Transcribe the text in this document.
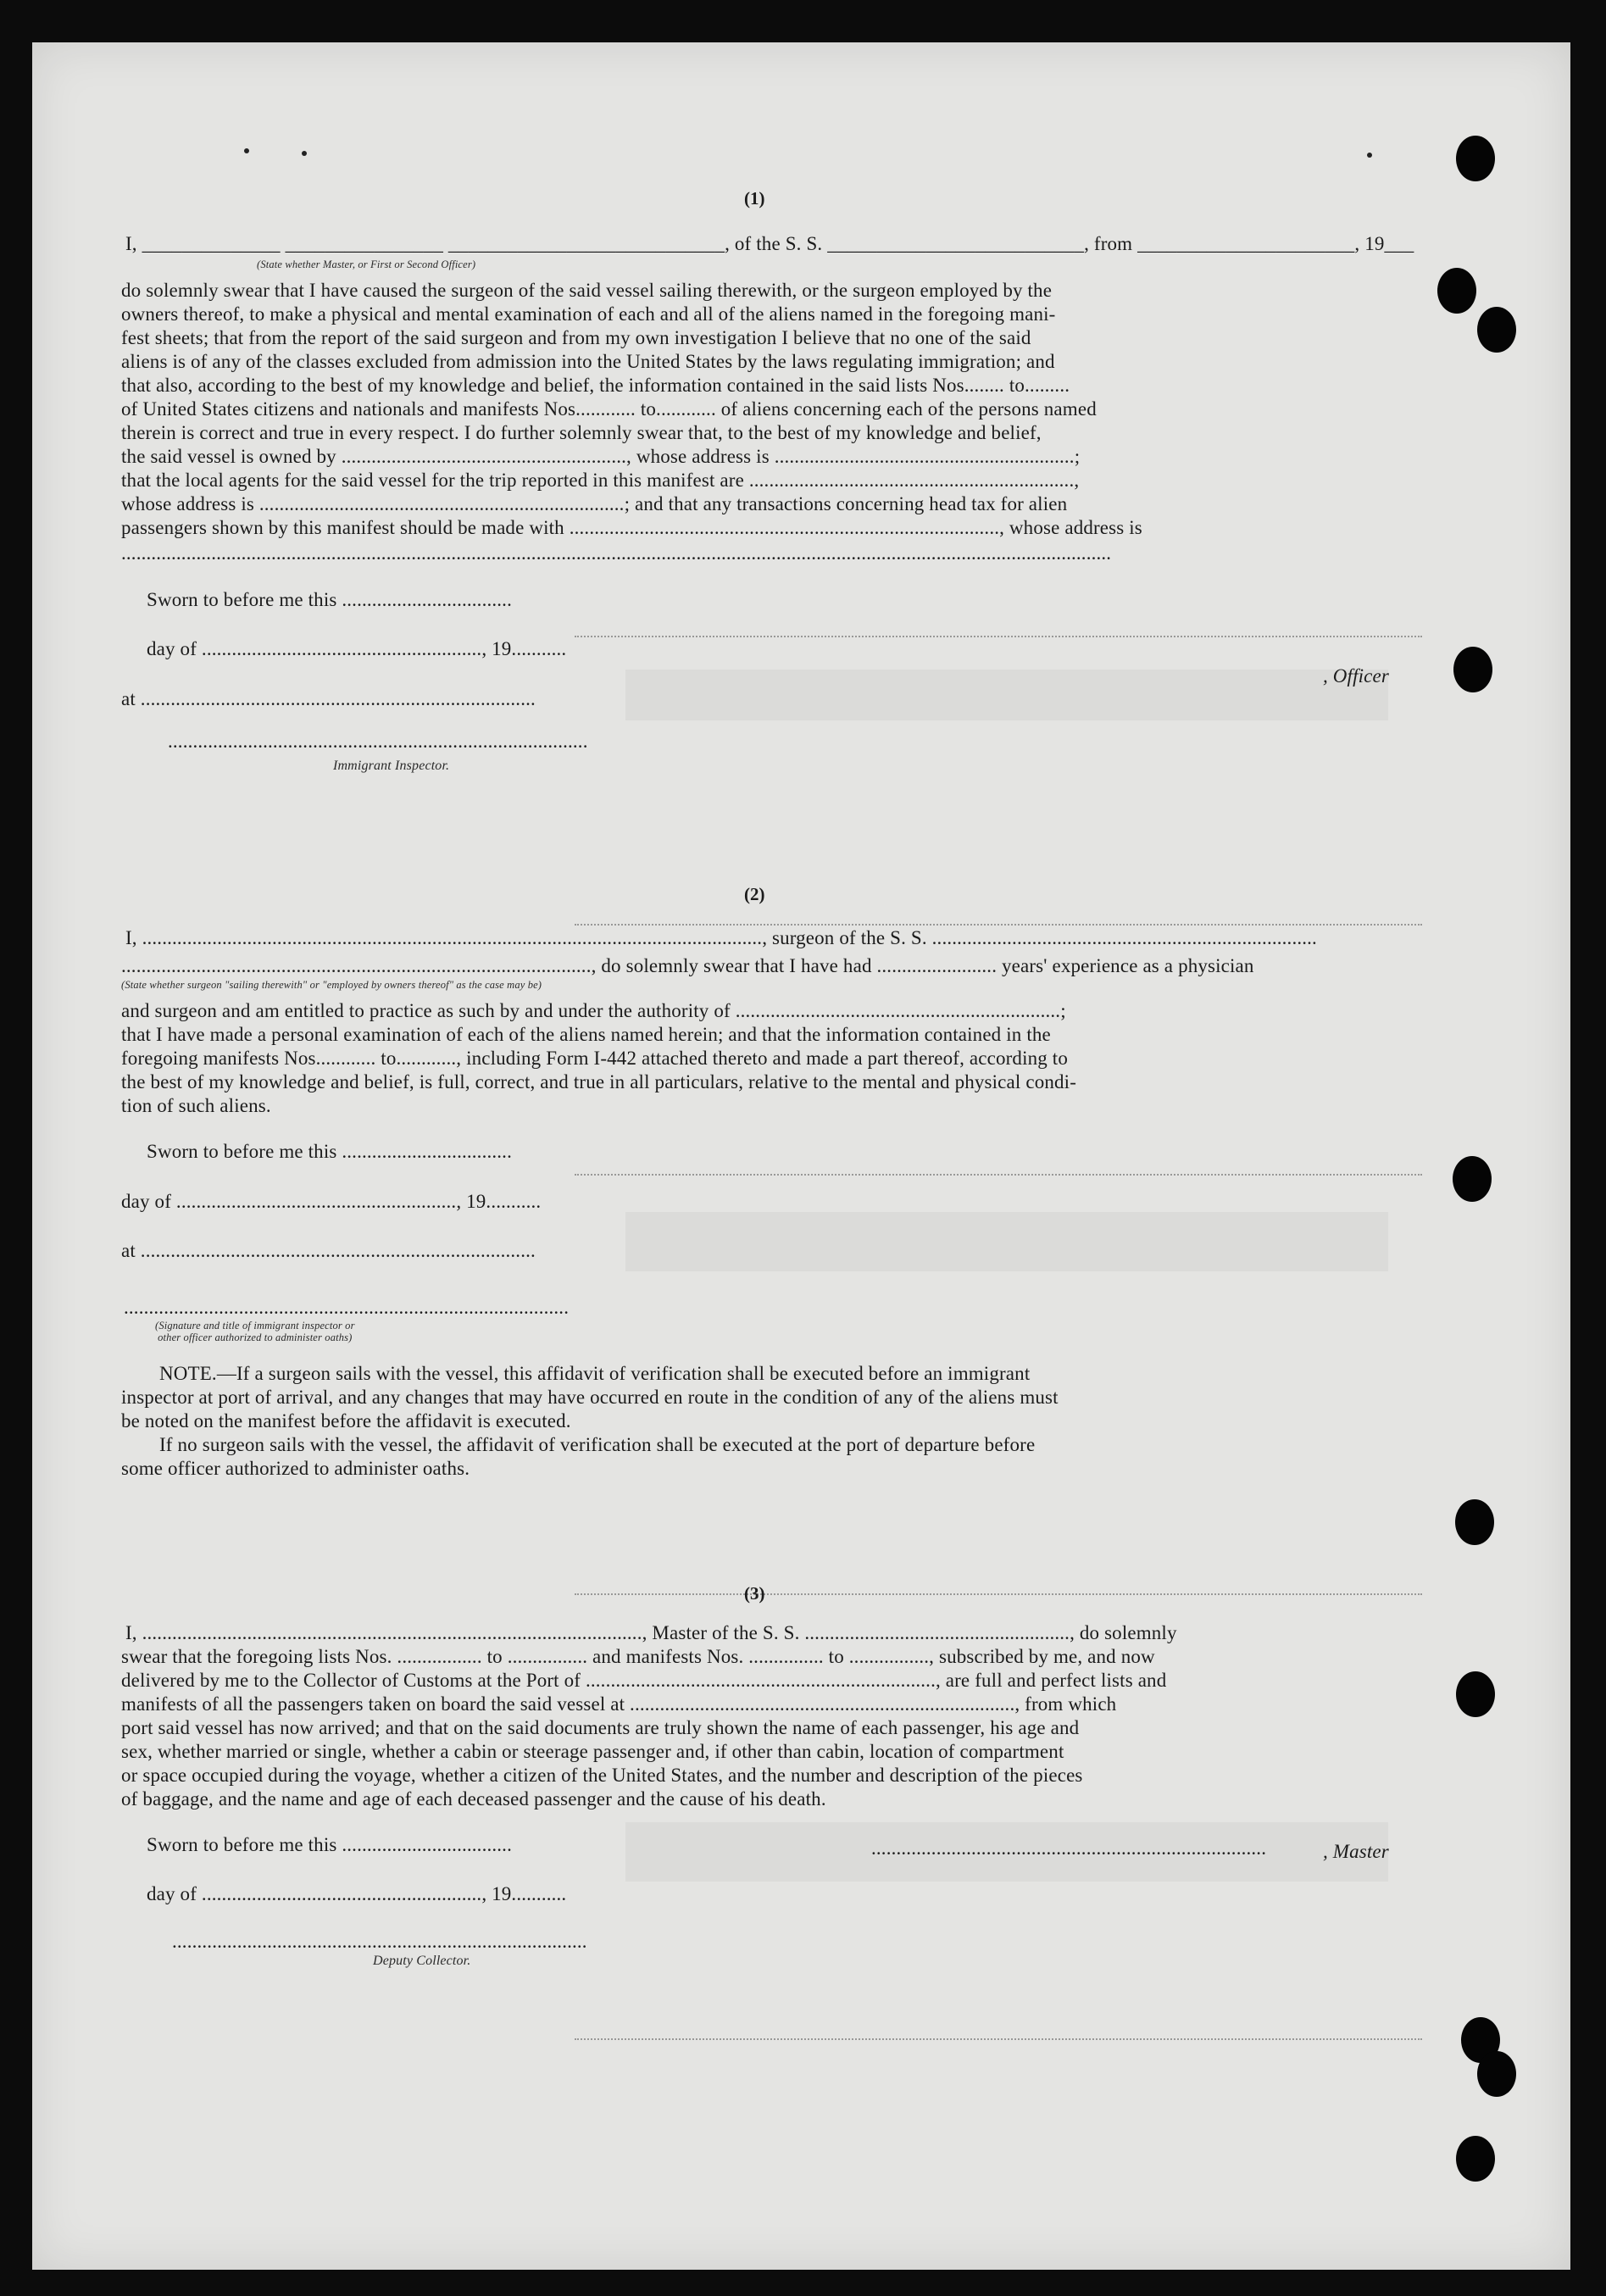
(1)
I, ______________ ________________ ____________________________, of the S. S. __________________________, from ______________________, 19___
(State whether Master, or First or Second Officer)
do solemnly swear that I have caused the surgeon of the said vessel sailing therewith, or the surgeon employed by the
owners thereof, to make a physical and mental examination of each and all of the aliens named in the foregoing mani-
fest sheets; that from the report of the said surgeon and from my own investigation I believe that no one of the said
aliens is of any of the classes excluded from admission into the United States by the laws regulating immigration; and
that also, according to the best of my knowledge and belief, the information contained in the said lists Nos........ to.........
of United States citizens and nationals and manifests Nos............ to............ of aliens concerning each of the persons named
therein is correct and true in every respect. I do further solemnly swear that, to the best of my knowledge and belief,
the said vessel is owned by ........................................................., whose address is ............................................................;
that the local agents for the said vessel for the trip reported in this manifest are .................................................................,
whose address is .........................................................................; and that any transactions concerning head tax for alien
passengers shown by this manifest should be made with ......................................................................................, whose address is
......................................................................................................................................................................................................
Sworn to before me this ..................................
day of ........................................................, 19...........
at ...............................................................................
, Officer
....................................................................................
Immigrant Inspector.
(2)
I, ............................................................................................................................, surgeon of the S. S. .............................................................................
.............................................................................................., do solemnly swear that I have had ........................ years' experience as a physician
(State whether surgeon "sailing therewith" or "employed by owners thereof" as the case may be)
and surgeon and am entitled to practice as such by and under the authority of .................................................................;
that I have made a personal examination of each of the aliens named herein; and that the information contained in the
foregoing manifests Nos............ to............, including Form I-442 attached thereto and made a part thereof, according to
the best of my knowledge and belief, is full, correct, and true in all particulars, relative to the mental and physical condi-
tion of such aliens.
Sworn to before me this ..................................
day of ........................................................, 19...........
at ...............................................................................
.........................................................................................
(Signature and title of immigrant inspector or
other officer authorized to administer oaths)
NOTE.—If a surgeon sails with the vessel, this affidavit of verification shall be executed before an immigrant
inspector at port of arrival, and any changes that may have occurred en route in the condition of any of the aliens must
be noted on the manifest before the affidavit is executed.
If no surgeon sails with the vessel, the affidavit of verification shall be executed at the port of departure before
some officer authorized to administer oaths.
(3)
I, ...................................................................................................., Master of the S. S. ....................................................., do solemnly
swear that the foregoing lists Nos. ................. to ................ and manifests Nos. ............... to ................, subscribed by me, and now
delivered by me to the Collector of Customs at the Port of ......................................................................, are full and perfect lists and
manifests of all the passengers taken on board the said vessel at ............................................................................., from which
port said vessel has now arrived; and that on the said documents are truly shown the name of each passenger, his age and
sex, whether married or single, whether a cabin or steerage passenger and, if other than cabin, location of compartment
or space occupied during the voyage, whether a citizen of the United States, and the number and description of the pieces
of baggage, and the name and age of each deceased passenger and the cause of his death.
Sworn to before me this ..................................
day of ........................................................, 19...........
...............................................................................	, Master
...................................................................................
Deputy Collector.
